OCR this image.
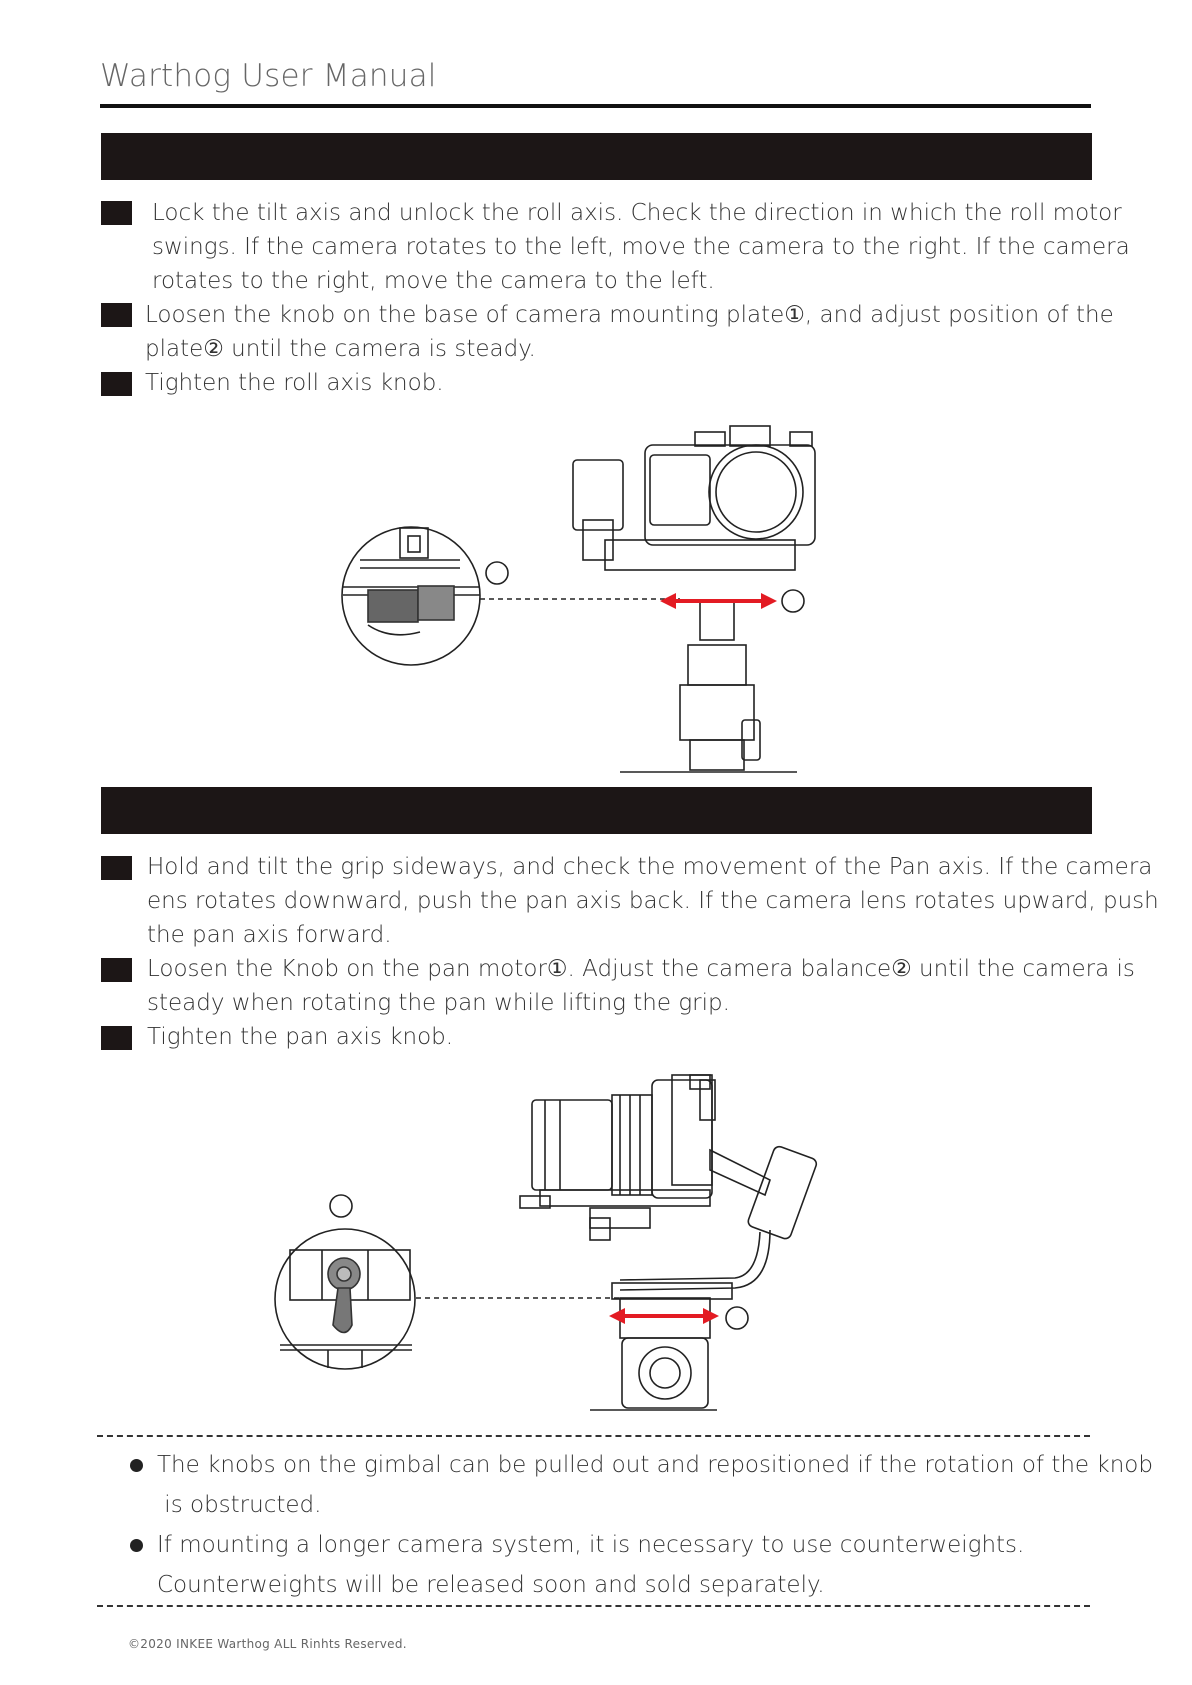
Warthog User Manual
Lock the tilt axis and unlock the roll axis. Check the direction in which the roll motor
swings. If the camera rotates to the left, move the camera to the right. If the camera
rotates to the right, move the camera to the left.
Loosen the knob on the base of camera mounting plate①, and adjust position of the
plate② until the camera is steady.
Tighten the roll axis knob.
Hold and tilt the grip sideways, and check the movement of the Pan axis. If the camera
ens rotates downward, push the pan axis back. If the camera lens rotates upward, push
the pan axis forward.
Loosen the Knob on the pan motor①. Adjust the camera balance② until the camera is
steady when rotating the pan while lifting the grip.
Tighten the pan axis knob.
The knobs on the gimbal can be pulled out and repositioned if the rotation of the knob
is obstructed.
If mounting a longer camera system, it is necessary to use counterweights.
Counterweights will be released soon and sold separately.
©2020 INKEE Warthog ALL Rinhts Reserved.
